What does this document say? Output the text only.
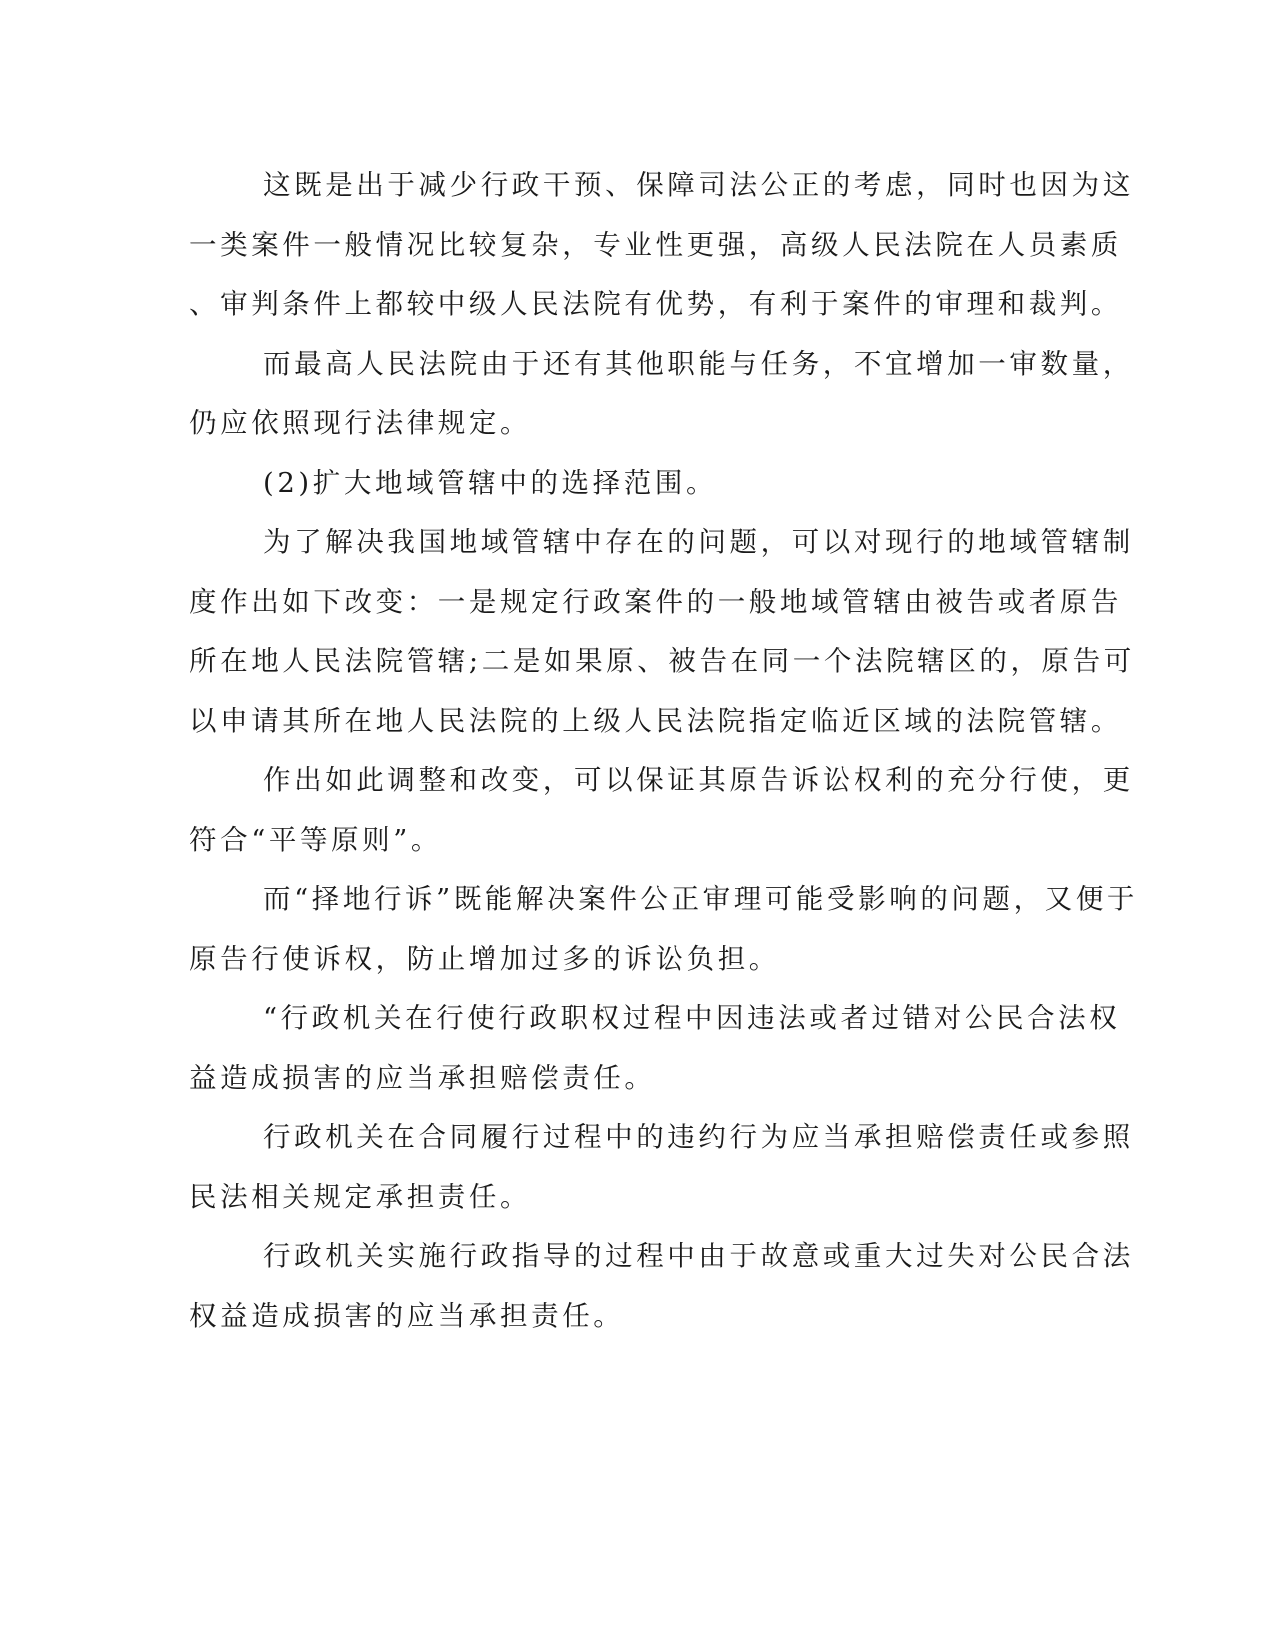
这既是出于减少行政干预、保障司法公正的考虑，同时也因为这
一类案件一般情况比较复杂，专业性更强，高级人民法院在人员素质
、审判条件上都较中级人民法院有优势，有利于案件的审理和裁判。
而最高人民法院由于还有其他职能与任务，不宜增加一审数量，
仍应依照现行法律规定。
(2)扩大地域管辖中的选择范围。
为了解决我国地域管辖中存在的问题，可以对现行的地域管辖制
度作出如下改变：一是规定行政案件的一般地域管辖由被告或者原告
所在地人民法院管辖;二是如果原、被告在同一个法院辖区的，原告可
以申请其所在地人民法院的上级人民法院指定临近区域的法院管辖。
作出如此调整和改变，可以保证其原告诉讼权利的充分行使，更
符合“平等原则”。
而“择地行诉”既能解决案件公正审理可能受影响的问题，又便于
原告行使诉权，防止增加过多的诉讼负担。
“行政机关在行使行政职权过程中因违法或者过错对公民合法权
益造成损害的应当承担赔偿责任。
行政机关在合同履行过程中的违约行为应当承担赔偿责任或参照
民法相关规定承担责任。
行政机关实施行政指导的过程中由于故意或重大过失对公民合法
权益造成损害的应当承担责任。
